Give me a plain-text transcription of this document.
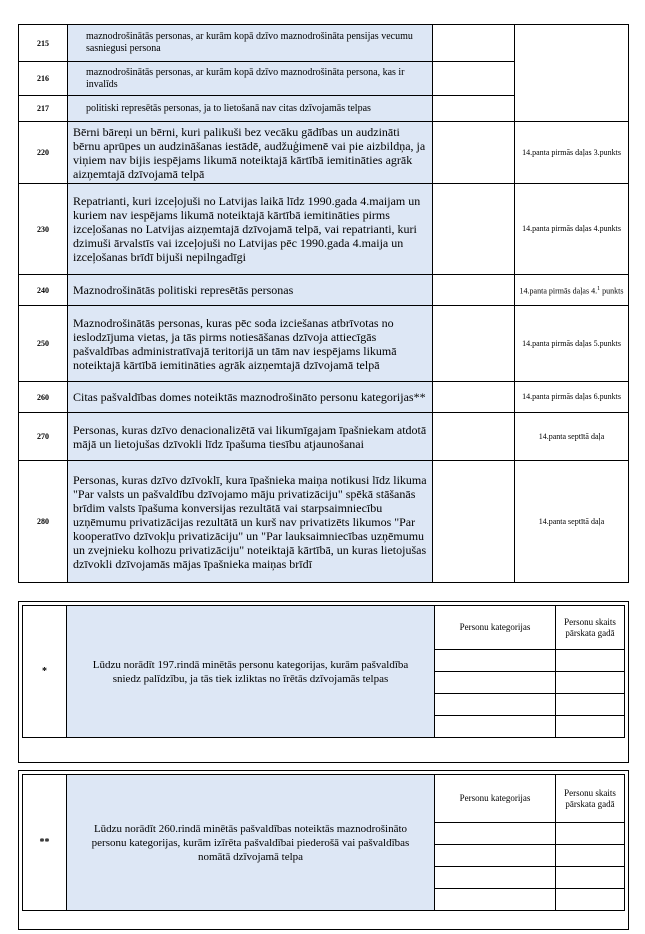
215	maznodrošinātās personas, ar kurām kopā dzīvo maznodrošināta pensijas vecumu sasniegusi persona		
216	maznodrošinātās personas, ar kurām kopā dzīvo maznodrošināta persona, kas ir invalīds		
217	politiski represētās personas, ja to lietošanā nav citas dzīvojamās telpas		
220	Bērni bāreņi un bērni, kuri palikuši bez vecāku gādības un audzināti bērnu aprūpes un audzināšanas iestādē, audžuģimenē vai pie aizbildņa, ja viņiem nav bijis iespējams likumā noteiktajā kārtībā iemitināties agrāk aizņemtajā dzīvojamā telpā		14.panta pirmās daļas 3.punkts
230	Repatrianti, kuri izceļojuši no Latvijas laikā līdz 1990.gada 4.maijam un kuriem nav iespējams likumā noteiktajā kārtībā iemitināties pirms izceļošanas no Latvijas aizņemtajā dzīvojamā telpā, vai repatrianti, kuri dzimuši ārvalstīs vai izceļojuši no Latvijas pēc 1990.gada 4.maija un izceļošanas brīdī bijuši nepilngadīgi		14.panta pirmās daļas 4.punkts
240	Maznodrošinātās politiski represētās personas		14.panta pirmās daļas 4.$^1$ punkts
250	Maznodrošinātās personas, kuras pēc soda izciešanas atbrīvotas no ieslodzījuma vietas, ja tās pirms notiesāšanas dzīvoja attiecīgās pašvaldības administratīvajā teritorijā un tām nav iespējams likumā noteiktajā kārtībā iemitināties agrāk aizņemtajā dzīvojamā telpā		14.panta pirmās daļas 5.punkts
260	Citas pašvaldības domes noteiktās maznodrošināto personu kategorijas**		14.panta pirmās daļas 6.punkts
270	Personas, kuras dzīvo denacionalizētā vai likumīgajam īpašniekam atdotā mājā un lietojušas dzīvokli līdz īpašuma tiesību atjaunošanai		14.panta septītā daļa
280	Personas, kuras dzīvo dzīvoklī, kura īpašnieka maiņa notikusi līdz likuma "Par valsts un pašvaldību dzīvojamo māju privatizāciju" spēkā stāšanās brīdim valsts īpašuma konversijas rezultātā vai starpsaimniecību uzņēmumu privatizācijas rezultātā un kurš nav privatizēts likumos "Par kooperatīvo dzīvokļu privatizāciju" un "Par lauksaimniecības uzņēmumu un zvejnieku kolhozu privatizāciju" noteiktajā kārtībā, un kuras lietojušas dzīvokli dzīvojamās mājas īpašnieka maiņas brīdī		14.panta septītā daļa
*	Lūdzu norādīt 197.rindā minētās personu kategorijas, kurām pašvaldība sniedz palīdzību, ja tās tiek izliktas no īrētās dzīvojamās telpas	Personu kategorijas	Personu skaits pārskata gadā

**	Lūdzu norādīt 260.rindā minētās pašvaldības noteiktās maznodrošināto personu kategorijas, kurām izīrēta pašvaldībai piederošā vai pašvaldības nomātā dzīvojamā telpa	Personu kategorijas	Personu skaits pārskata gadā
